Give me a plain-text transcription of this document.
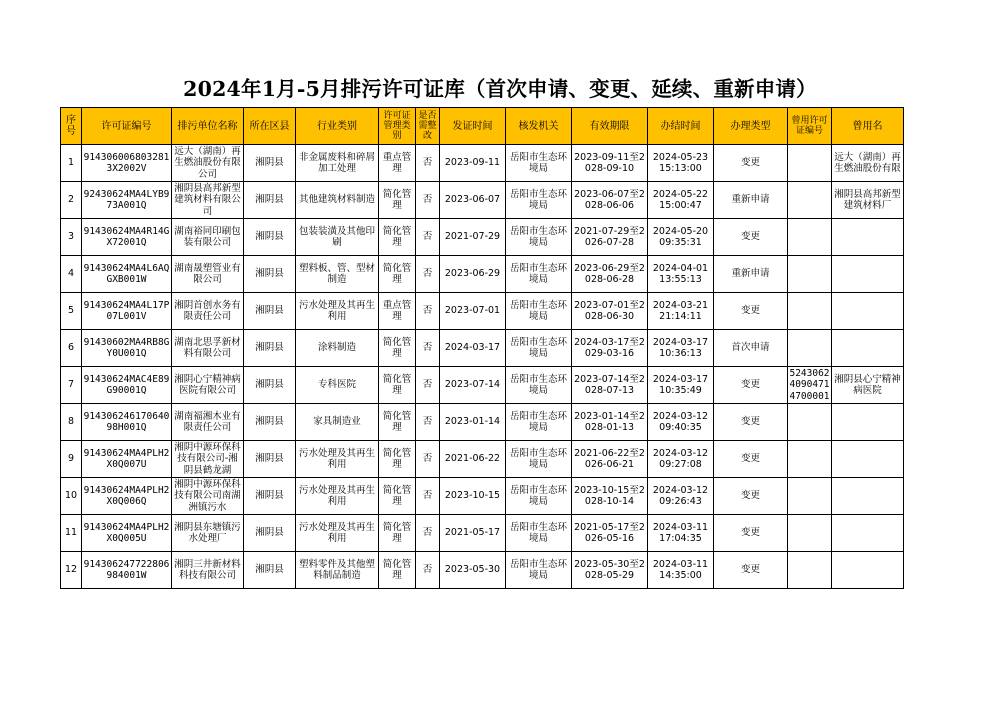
2024年1月-5月排污许可证库（首次申请、变更、延续、重新申请）
序号	许可证编号	排污单位名称	所在区县	行业类别	许可证管理类别	是否需整改	发证时间	核发机关	有效期限	办结时间	办理类型	曾用许可证编号	曾用名
1	9143060068032813X2002V	远大（湖南）再生燃油股份有限公司	湘阴县	非金属废料和碎屑加工处理	重点管理	否	2023-09-11	岳阳市生态环境局	2023-09-11至2028-09-10	2024-05-23 15:13:00	变更		远大（湖南）再生燃油股份有限
2	92430624MA4LYB973A001Q	湘阴县高邦新型建筑材料有限公司	湘阴县	其他建筑材料制造	简化管理	否	2023-06-07	岳阳市生态环境局	2023-06-07至2028-06-06	2024-05-22 15:00:47	重新申请		湘阴县高邦新型建筑材料厂
3	91430624MA4R14GX72001Q	湖南裕同印刷包装有限公司	湘阴县	包装装潢及其他印刷	简化管理	否	2021-07-29	岳阳市生态环境局	2021-07-29至2026-07-28	2024-05-20 09:35:31	变更		
4	91430624MA4L6AQGXB001W	湖南晟塑管业有限公司	湘阴县	塑料板、管、型材制造	简化管理	否	2023-06-29	岳阳市生态环境局	2023-06-29至2028-06-28	2024-04-01 13:55:13	重新申请		
5	91430624MA4L17P07L001V	湘阴首创水务有限责任公司	湘阴县	污水处理及其再生利用	重点管理	否	2023-07-01	岳阳市生态环境局	2023-07-01至2028-06-30	2024-03-21 21:14:11	变更		
6	91430602MA4RB8GY0U001Q	湖南北思孚新材料有限公司	湘阴县	涂料制造	简化管理	否	2024-03-17	岳阳市生态环境局	2024-03-17至2029-03-16	2024-03-17 10:36:13	首次申请		
7	91430624MAC4E89G90001Q	湘阴心宁精神病医院有限公司	湘阴县	专科医院	简化管理	否	2023-07-14	岳阳市生态环境局	2023-07-14至2028-07-13	2024-03-17 10:35:49	变更	524306240904714700001	湘阴县心宁精神病医院
8	91430624617064098H001Q	湖南福湘木业有限责任公司	湘阴县	家具制造业	简化管理	否	2023-01-14	岳阳市生态环境局	2023-01-14至2028-01-13	2024-03-12 09:40:35	变更		
9	91430624MA4PLH2X0Q007U	湘阴中源环保科技有限公司-湘阴县鹤龙湖	湘阴县	污水处理及其再生利用	简化管理	否	2021-06-22	岳阳市生态环境局	2021-06-22至2026-06-21	2024-03-12 09:27:08	变更		
10	91430624MA4PLH2X0Q006Q	湘阴中源环保科技有限公司南湖洲镇污水	湘阴县	污水处理及其再生利用	简化管理	否	2023-10-15	岳阳市生态环境局	2023-10-15至2028-10-14	2024-03-12 09:26:43	变更		
11	91430624MA4PLH2X0Q005U	湘阴县东塘镇污水处理厂	湘阴县	污水处理及其再生利用	简化管理	否	2021-05-17	岳阳市生态环境局	2021-05-17至2026-05-16	2024-03-11 17:04:35	变更		
12	914306247722806984001W	湘阴三井新材料科技有限公司	湘阴县	塑料零件及其他塑料制品制造	简化管理	否	2023-05-30	岳阳市生态环境局	2023-05-30至2028-05-29	2024-03-11 14:35:00	变更		
